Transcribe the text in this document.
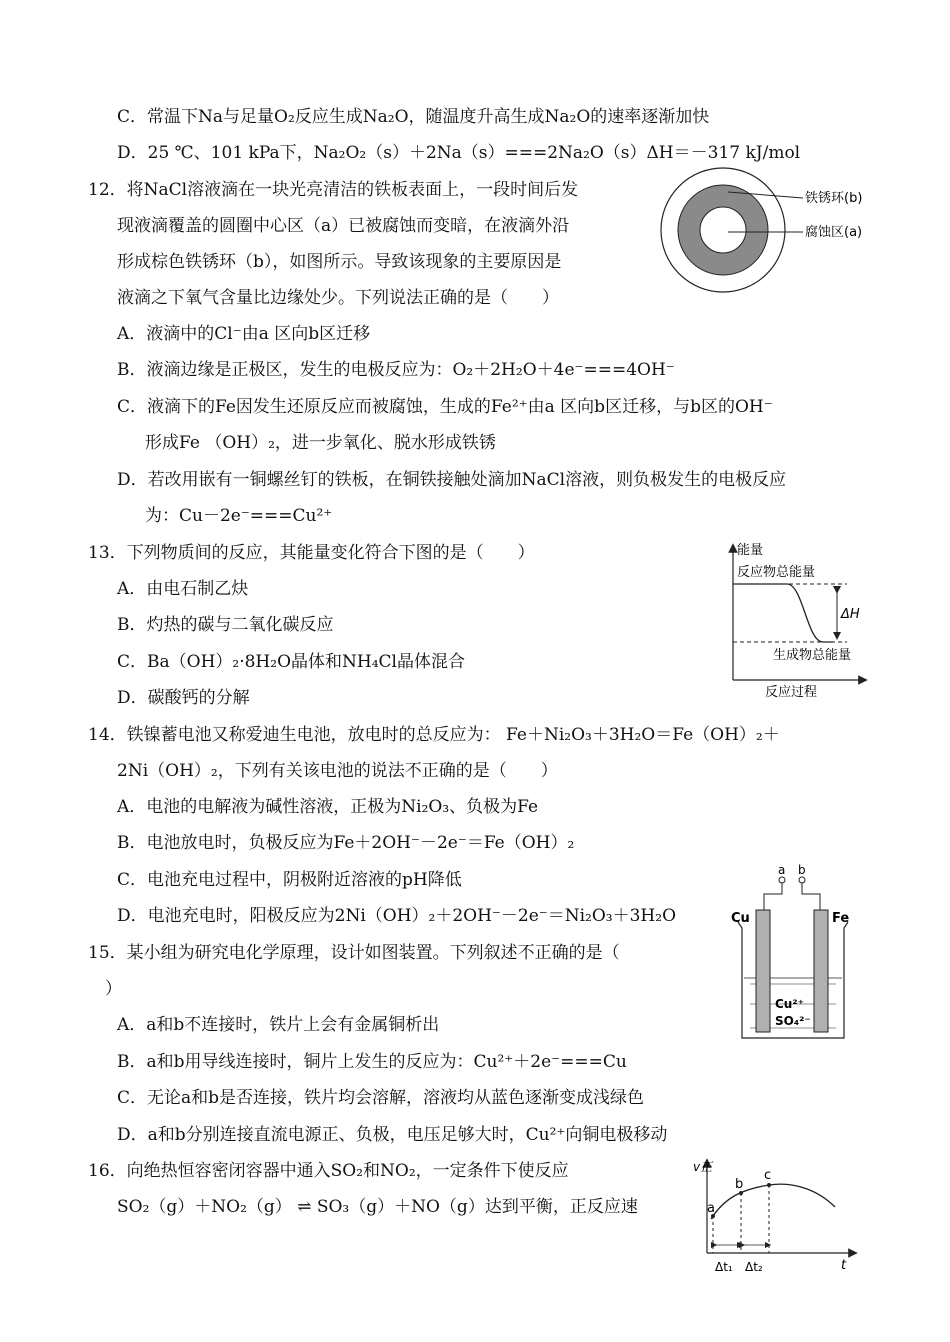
C．常温下Na与足量O₂反应生成Na₂O，随温度升高生成Na₂O的速率逐渐加快
D．25 ℃、101 kPa下，Na₂O₂（s）＋2Na（s）===2Na₂O（s）ΔH＝－317 kJ/mol
12．将NaCl溶液滴在一块光亮清洁的铁板表面上，一段时间后发
现液滴覆盖的圆圈中心区（a）已被腐蚀而变暗，在液滴外沿
形成棕色铁锈环（b），如图所示。导致该现象的主要原因是
液滴之下氧气含量比边缘处少。下列说法正确的是（　　）
A．液滴中的Cl⁻由a 区向b区迁移
B．液滴边缘是正极区，发生的电极反应为：O₂＋2H₂O＋4e⁻===4OH⁻
C．液滴下的Fe因发生还原反应而被腐蚀，生成的Fe²⁺由a 区向b区迁移，与b区的OH⁻
形成Fe （OH）₂，进一步氧化、脱水形成铁锈
D．若改用嵌有一铜螺丝钉的铁板，在铜铁接触处滴加NaCl溶液，则负极发生的电极反应
为：Cu－2e⁻===Cu²⁺
铁锈环(b)
腐蚀区(a)
13．下列物质间的反应，其能量变化符合下图的是（　　）
A．由电石制乙炔
B．灼热的碳与二氧化碳反应
C．Ba（OH）₂·8H₂O晶体和NH₄Cl晶体混合
D．碳酸钙的分解
能量
反应物总能量
ΔH
生成物总能量
反应过程
14．铁镍蓄电池又称爱迪生电池，放电时的总反应为： Fe＋Ni₂O₃＋3H₂O＝Fe（OH）₂＋
2Ni（OH）₂，下列有关该电池的说法不正确的是（　　）
A．电池的电解液为碱性溶液，正极为Ni₂O₃、负极为Fe
B．电池放电时，负极反应为Fe＋2OH⁻－2e⁻＝Fe（OH）₂
C．电池充电过程中，阴极附近溶液的pH降低
D．电池充电时，阳极反应为2Ni（OH）₂＋2OH⁻－2e⁻＝Ni₂O₃＋3H₂O
15．某小组为研究电化学原理，设计如图装置。下列叙述不正确的是（
）
A．a和b不连接时，铁片上会有金属铜析出
B．a和b用导线连接时，铜片上发生的反应为：Cu²⁺＋2e⁻===Cu
C．无论a和b是否连接，铁片均会溶解，溶液均从蓝色逐渐变成浅绿色
D．a和b分别连接直流电源正、负极，电压足够大时，Cu²⁺向铜电极移动
a b
Cu	Fe
Cu²⁺
SO₄²⁻
16．向绝热恒容密闭容器中通入SO₂和NO₂，一定条件下使反应
SO₂（g）＋NO₂（g） ⇌ SO₃（g）＋NO（g）达到平衡，正反应速
v正
t
a
b
c
Δt₁ Δt₂
